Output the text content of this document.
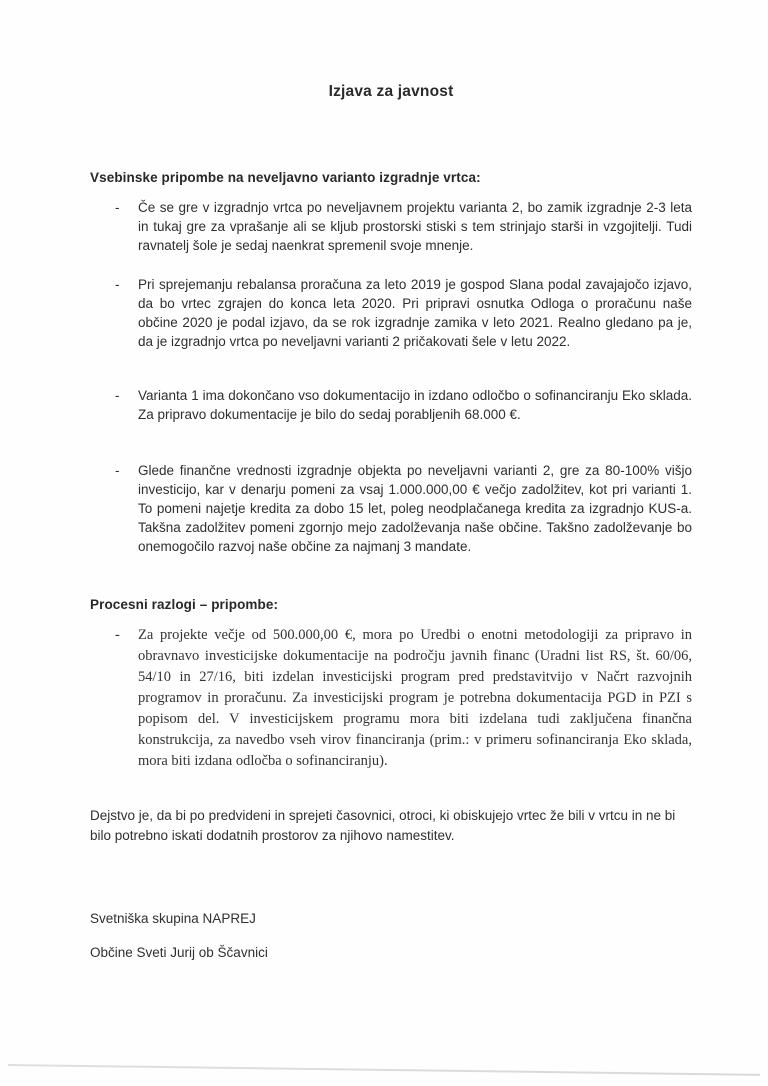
Izjava za javnost
Vsebinske pripombe na neveljavno varianto izgradnje vrtca:
-	Če se gre v izgradnjo vrtca po neveljavnem projektu varianta 2, bo zamik izgradnje 2-3 leta in tukaj gre za vprašanje ali se kljub prostorski stiski s tem strinjajo starši in vzgojitelji. Tudi ravnatelj šole je sedaj naenkrat spremenil svoje mnenje.
-	Pri sprejemanju rebalansa proračuna za leto 2019 je gospod Slana podal zavajajočo izjavo, da bo vrtec zgrajen do konca leta 2020. Pri pripravi osnutka Odloga o proračunu naše občine 2020 je podal izjavo, da se rok izgradnje zamika v leto 2021. Realno gledano pa je, da je izgradnjo vrtca po neveljavni varianti 2 pričakovati šele v letu 2022.
-	Varianta 1 ima dokončano vso dokumentacijo in izdano odločbo o sofinanciranju Eko sklada. Za pripravo dokumentacije je bilo do sedaj porabljenih 68.000 €.
-	Glede finančne vrednosti izgradnje objekta po neveljavni varianti 2, gre za 80-100% višjo investicijo, kar v denarju pomeni za vsaj 1.000.000,00 € večjo zadolžitev, kot pri varianti 1. To pomeni najetje kredita za dobo 15 let, poleg neodplačanega kredita za izgradnjo KUS-a. Takšna zadolžitev pomeni zgornjo mejo zadolževanja naše občine. Takšno zadolževanje bo onemogočilo razvoj naše občine za najmanj 3 mandate.
Procesni razlogi – pripombe:
-	Za projekte večje od 500.000,00 €, mora po Uredbi o enotni metodologiji za pripravo in obravnavo investicijske dokumentacije na področju javnih financ (Uradni list RS, št. 60/06, 54/10 in 27/16, biti izdelan investicijski program pred predstavitvijo v Načrt razvojnih programov in proračunu. Za investicijski program je potrebna dokumentacija PGD in PZI s popisom del. V investicijskem programu mora biti izdelana tudi zaključena finančna konstrukcija, za navedbo vseh virov financiranja (prim.: v primeru sofinanciranja Eko sklada, mora biti izdana odločba o sofinanciranju).
Dejstvo je, da bi po predvideni in sprejeti časovnici, otroci, ki obiskujejo vrtec že bili v vrtcu in ne bi bilo potrebno iskati dodatnih prostorov za njihovo namestitev.
Svetniška skupina NAPREJ
Občine Sveti Jurij ob Ščavnici
